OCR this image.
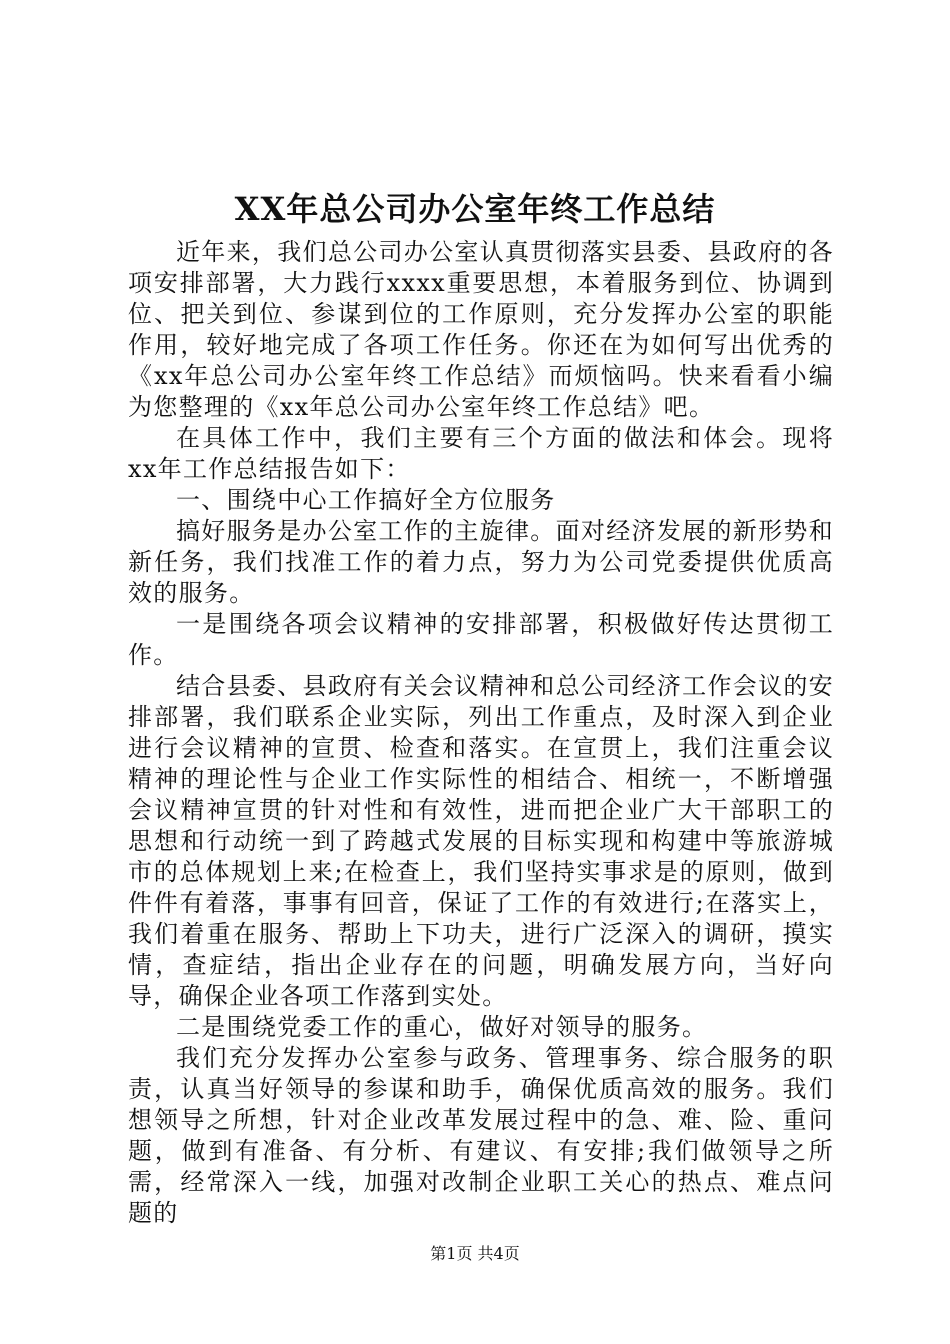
XX年总公司办公室年终工作总结

近年来，我们总公司办公室认真贯彻落实县委、县政府的各项安排部署，大力践行xxxx重要思想，本着服务到位、协调到位、把关到位、参谋到位的工作原则，充分发挥办公室的职能作用，较好地完成了各项工作任务。你还在为如何写出优秀的《xx年总公司办公室年终工作总结》而烦恼吗。快来看看小编为您整理的《xx年总公司办公室年终工作总结》吧。

在具体工作中，我们主要有三个方面的做法和体会。现将xx年工作总结报告如下：

一、围绕中心工作搞好全方位服务

搞好服务是办公室工作的主旋律。面对经济发展的新形势和新任务，我们找准工作的着力点，努力为公司党委提供优质高效的服务。

一是围绕各项会议精神的安排部署，积极做好传达贯彻工作。

结合县委、县政府有关会议精神和总公司经济工作会议的安排部署，我们联系企业实际，列出工作重点，及时深入到企业进行会议精神的宣贯、检查和落实。在宣贯上，我们注重会议精神的理论性与企业工作实际性的相结合、相统一，不断增强会议精神宣贯的针对性和有效性，进而把企业广大干部职工的思想和行动统一到了跨越式发展的目标实现和构建中等旅游城市的总体规划上来;在检查上，我们坚持实事求是的原则，做到件件有着落，事事有回音，保证了工作的有效进行;在落实上，我们着重在服务、帮助上下功夫，进行广泛深入的调研，摸实情，查症结，指出企业存在的问题，明确发展方向，当好向导，确保企业各项工作落到实处。

二是围绕党委工作的重心，做好对领导的服务。

我们充分发挥办公室参与政务、管理事务、综合服务的职责，认真当好领导的参谋和助手，确保优质高效的服务。我们想领导之所想，针对企业改革发展过程中的急、难、险、重问题，做到有准备、有分析、有建议、有安排;我们做领导之所需，经常深入一线，加强对改制企业职工关心的热点、难点问题的

第1页 共4页
